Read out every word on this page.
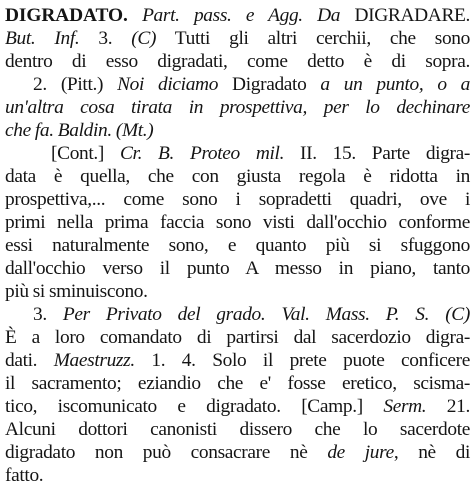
DIGRADATO. Part. pass. e Agg. Da DIGRADARE.
But. Inf. 3. (C) Tutti gli altri cerchii, che sono
dentro di esso digradati, come detto è di sopra.
2. (Pitt.) Noi diciamo Digradato a un punto, o a
un'altra cosa tirata in prospettiva, per lo dechinare
che fa. Baldin. (Mt.)
[Cont.] Cr. B. Proteo mil. II. 15. Parte digra-
data è quella, che con giusta regola è ridotta in
prospettiva,... come sono i sopradetti quadri, ove i
primi nella prima faccia sono visti dall'occhio conforme
essi naturalmente sono, e quanto più si sfuggono
dall'occhio verso il punto A messo in piano, tanto
più si sminuiscono.
3. Per Privato del grado. Val. Mass. P. S. (C)
È a loro comandato di partirsi dal sacerdozio digra-
dati. Maestruzz. 1. 4. Solo il prete puote conficere
il sacramento; eziandio che e' fosse eretico, scisma-
tico, iscomunicato e digradato. [Camp.] Serm. 21.
Alcuni dottori canonisti dissero che lo sacerdote
digradato non può consacrare nè de jure, nè di
fatto.
